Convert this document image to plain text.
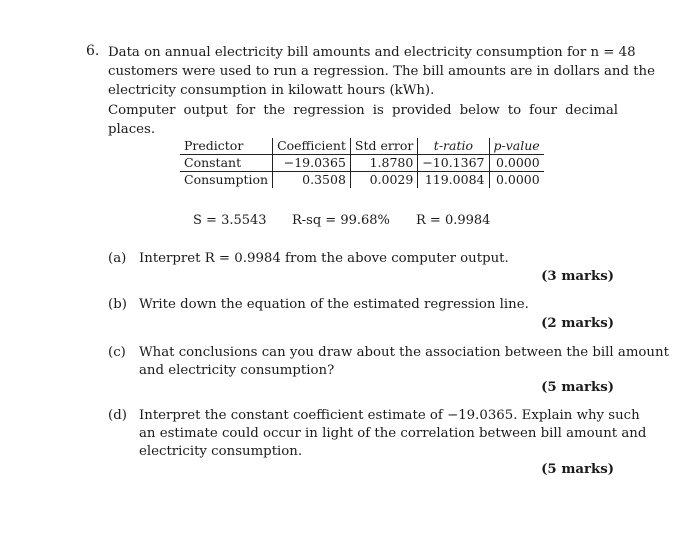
6. Data on annual electricity bill amounts and electricity consumption for n = 48
customers were used to run a regression. The bill amounts are in dollars and the
electricity consumption in kilowatt hours (kWh).
Computer output for the regression is provided below to four decimal places.
Predictor	Coefficient	Std error	t-ratio	p-value
Constant	−19.0365	1.8780	−10.1367	0.0000
Consumption	0.3508	0.0029	119.0084	0.0000
S = 3.5543 R-sq = 99.68% R = 0.9984
(a) Interpret R = 0.9984 from the above computer output.
(3 marks)
(b) Write down the equation of the estimated regression line.
(2 marks)
(c) What conclusions can you draw about the association between the bill amount
and electricity consumption?
(5 marks)
(d) Interpret the constant coefficient estimate of −19.0365. Explain why such
an estimate could occur in light of the correlation between bill amount and
electricity consumption.
(5 marks)
